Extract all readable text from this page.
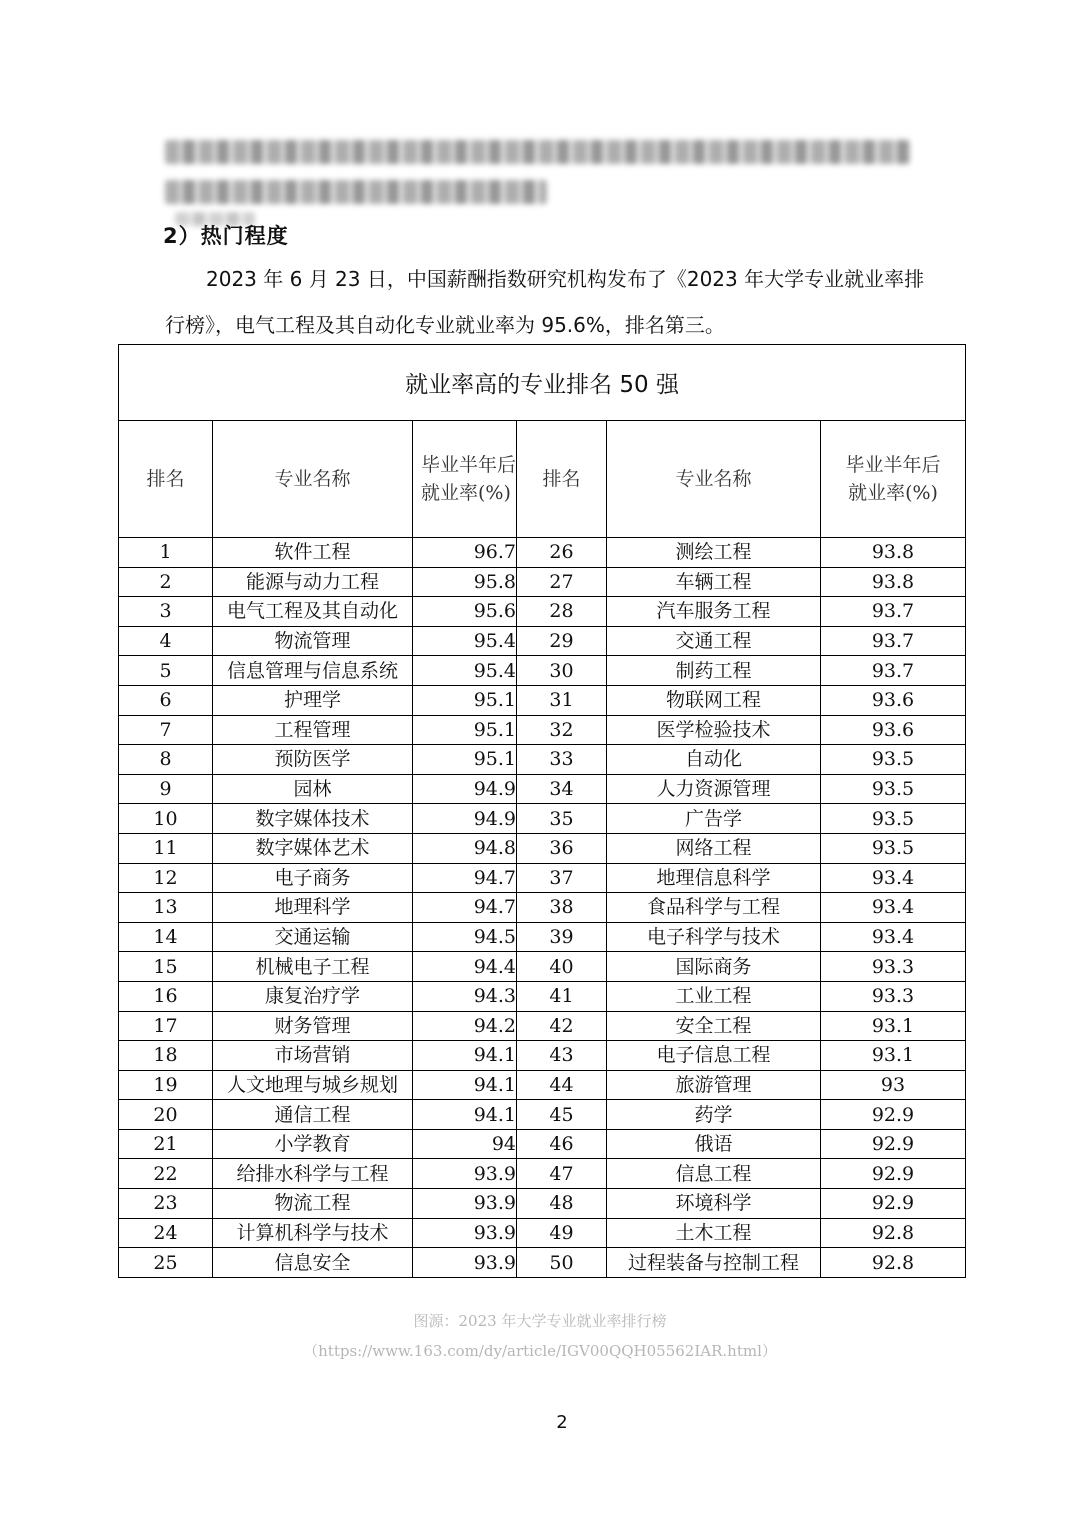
2）热门程度

2023 年 6 月 23 日，中国薪酬指数研究机构发布了《2023 年大学专业就业率排行榜》，电气工程及其自动化专业就业率为 95.6%，排名第三。

就业率高的专业排名 50 强					
排名	专业名称	毕业半年后就业率(%)	排名	专业名称	毕业半年后就业率(%)
1	软件工程	96.7	26	测绘工程	93.8
2	能源与动力工程	95.8	27	车辆工程	93.8
3	电气工程及其自动化	95.6	28	汽车服务工程	93.7
4	物流管理	95.4	29	交通工程	93.7
5	信息管理与信息系统	95.4	30	制药工程	93.7
6	护理学	95.1	31	物联网工程	93.6
7	工程管理	95.1	32	医学检验技术	93.6
8	预防医学	95.1	33	自动化	93.5
9	园林	94.9	34	人力资源管理	93.5
10	数字媒体技术	94.9	35	广告学	93.5
11	数字媒体艺术	94.8	36	网络工程	93.5
12	电子商务	94.7	37	地理信息科学	93.4
13	地理科学	94.7	38	食品科学与工程	93.4
14	交通运输	94.5	39	电子科学与技术	93.4
15	机械电子工程	94.4	40	国际商务	93.3
16	康复治疗学	94.3	41	工业工程	93.3
17	财务管理	94.2	42	安全工程	93.1
18	市场营销	94.1	43	电子信息工程	93.1
19	人文地理与城乡规划	94.1	44	旅游管理	93
20	通信工程	94.1	45	药学	92.9
21	小学教育	94	46	俄语	92.9
22	给排水科学与工程	93.9	47	信息工程	92.9
23	物流工程	93.9	48	环境科学	92.9
24	计算机科学与技术	93.9	49	土木工程	92.8
25	信息安全	93.9	50	过程装备与控制工程	92.8
图源：2023 年大学专业就业率排行榜
（https://www.163.com/dy/article/IGV00QQH05562IAR.html）
2
